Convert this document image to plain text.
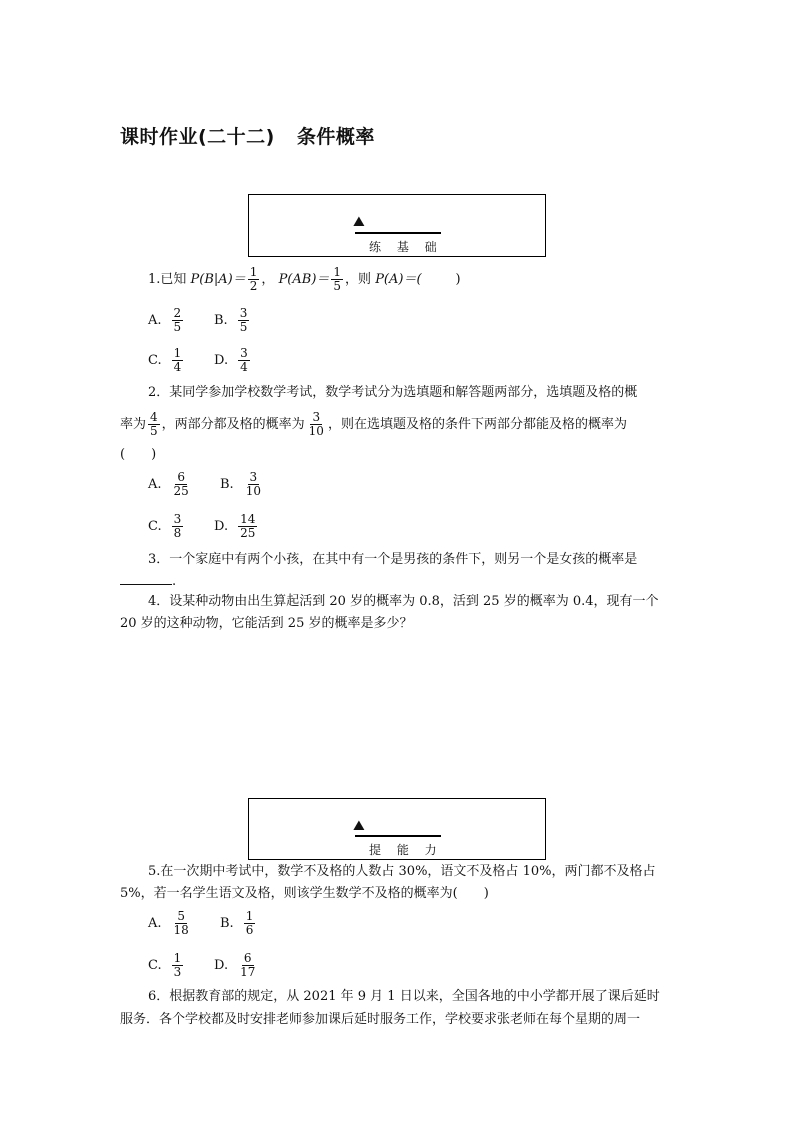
课时作业(二十二) 条件概率
⛰
练 基 础
1.已知 $P(B|A)= \frac{1}{2}$ ， $P(AB)= \frac{1}{5}$ ，则 P(A)＝(	)
A. $\frac{2}{5} B$. $\frac{3}{5}$
C. $\frac{1}{4} D$. $\frac{3}{4}$
2．某同学参加学校数学考试，数学考试分为选填题和解答题两部分，选填题及格的概
率为 $\frac{4}{5}$ ，两部分都及格的概率为 $\frac{3}{10}$ ，则在选填题及格的条件下两部分都能及格的概率为
(　　)
A. $\frac{6}{25} B$. $\frac{3}{10}$
C. $\frac{3}{8} D$. $\frac{14}{25}$
3．一个家庭中有两个小孩，在其中有一个是男孩的条件下，则另一个是女孩的概率是
.
4．设某种动物由出生算起活到 20 岁的概率为 0.8，活到 25 岁的概率为 0.4，现有一个
20 岁的这种动物，它能活到 25 岁的概率是多少？
⛰
提 能 力
5.在一次期中考试中，数学不及格的人数占 30%，语文不及格占 10%，两门都不及格占
5%，若一名学生语文及格，则该学生数学不及格的概率为(　　)
A. $\frac{5}{18} B$. $\frac{1}{6}$
C. $\frac{1}{3} D$. $\frac{6}{17}$
6．根据教育部的规定，从 2021 年 9 月 1 日以来，全国各地的中小学都开展了课后延时
服务．各个学校都及时安排老师参加课后延时服务工作，学校要求张老师在每个星期的周一
